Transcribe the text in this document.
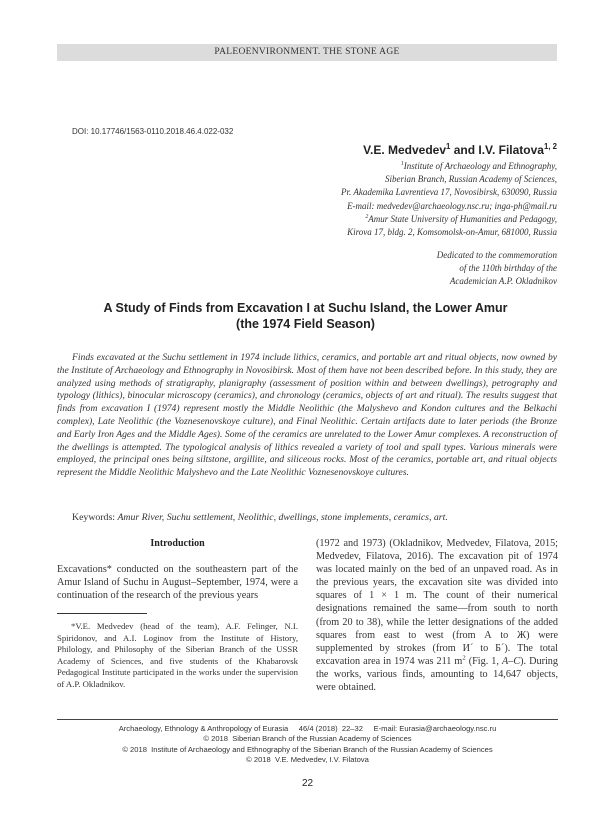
PALEOENVIRONMENT. THE STONE AGE
DOI: 10.17746/1563-0110.2018.46.4.022-032
V.E. Medvedev$^1$ and I.V. Filatova$^{1, 2}$
$^1$Institute of Archaeology and Ethnography,
Siberian Branch, Russian Academy of Sciences,
Pr. Akademika Lavrentieva 17, Novosibirsk, 630090, Russia
E-mail: medvedev@archaeology.nsc.ru; inga-ph@mail.ru
$^2$Amur State University of Humanities and Pedagogy,
Kirova 17, bldg. 2, Komsomolsk-on-Amur, 681000, Russia
Dedicated to the commemoration
of the 110th birthday of the
Academician A.P. Okladnikov
A Study of Finds from Excavation I at Suchu Island, the Lower Amur
(the 1974 Field Season)

Finds excavated at the Suchu settlement in 1974 include lithics, ceramics, and portable art and ritual objects, now owned by the Institute of Archaeology and Ethnography in Novosibirsk. Most of them have not been described before. In this study, they are analyzed using methods of stratigraphy, planigraphy (assessment of position within and between dwellings), petrography and typology (lithics), binocular microscopy (ceramics), and chronology (ceramics, objects of art and ritual). The results suggest that finds from excavation I (1974) represent mostly the Middle Neolithic (the Malyshevo and Kondon cultures and the Belkachi complex), Late Neolithic (the Voznesenovskoye culture), and Final Neolithic. Certain artifacts date to later periods (the Bronze and Early Iron Ages and the Middle Ages). Some of the ceramics are unrelated to the Lower Amur complexes. A reconstruction of the dwellings is attempted. The typological analysis of lithics revealed a variety of tool and spall types. Various minerals were employed, the principal ones being siltstone, argillite, and siliceous rocks. Most of the ceramics, portable art, and ritual objects represent the Middle Neolithic Malyshevo and the Late Neolithic Voznesenovskoye cultures.

Keywords: Amur River, Suchu settlement, Neolithic, dwellings, stone implements, ceramics, art.
Introduction

Excavations* conducted on the southeastern part of the Amur Island of Suchu in August–September, 1974, were a continuation of the research of the previous years

(1972 and 1973) (Okladnikov, Medvedev, Filatova, 2015; Medvedev, Filatova, 2016). The excavation pit of 1974 was located mainly on the bed of an unpaved road. As in the previous years, the excavation site was divided into squares of 1 × 1 m. The count of their numerical designations remained the same—from south to north (from 20 to 38), while the letter designations of the added squares from east to west (from А to Ж) were supplemented by strokes (from И´ to Б´). The total excavation area in 1974 was 211 $m^2$ (Fig. 1, A–C). During the works, various finds, amounting to 14,647 objects, were obtained.

*V.E. Medvedev (head of the team), A.F. Felinger, N.I. Spiridonov, and A.I. Loginov from the Institute of History, Philology, and Philosophy of the Siberian Branch of the USSR Academy of Sciences, and five students of the Khabarovsk Pedagogical Institute participated in the works under the supervision of A.P. Okladnikov.

Archaeology, Ethnology & Anthropology of Eurasia     46/4 (2018)  22–32     E-mail: Eurasia@archaeology.nsc.ru
© 2018  Siberian Branch of the Russian Academy of Sciences
© 2018  Institute of Archaeology and Ethnography of the Siberian Branch of the Russian Academy of Sciences
© 2018  V.E. Medvedev, I.V. Filatova
22
